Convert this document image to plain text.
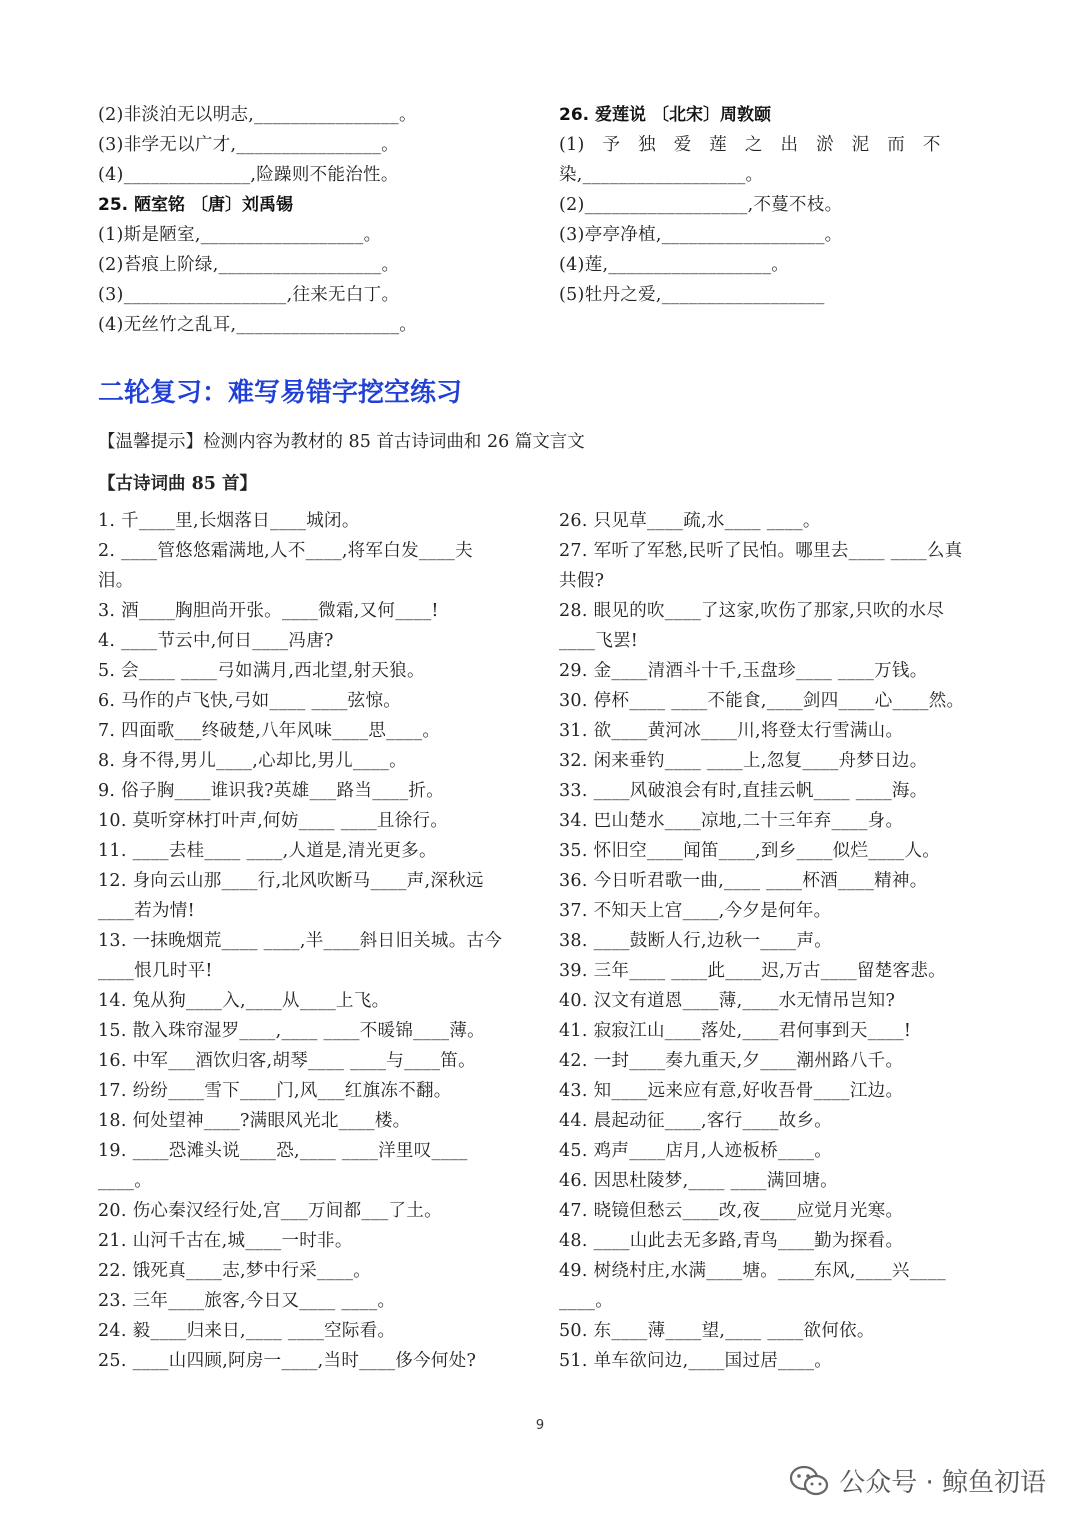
(2)非淡泊无以明志,________________。
(3)非学无以广才,________________。
(4)______________,险躁则不能治性。
25. 陋室铭 〔唐〕刘禹锡
(1)斯是陋室,__________________。
(2)苔痕上阶绿,__________________。
(3)__________________,往来无白丁。
(4)无丝竹之乱耳,__________________。
26. 爱莲说 〔北宋〕周敦颐
(1)　予　独　爱　莲　之　出　淤　泥　而　不
染,__________________。
(2)__________________,不蔓不枝。
(3)亭亭净植,__________________。
(4)莲,__________________。
(5)牡丹之爱,__________________
二轮复习：难写易错字挖空练习
【温馨提示】检测内容为教材的 85 首古诗词曲和 26 篇文言文
【古诗词曲 85 首】
1. 千____里,长烟落日____城闭。
2. ____管悠悠霜满地,人不____,将军白发____夫
泪。
3. 酒____胸胆尚开张。____微霜,又何____!
4. ____节云中,何日____冯唐?
5. 会____ ____弓如满月,西北望,射天狼。
6. 马作的卢飞快,弓如____ ____弦惊。
7. 四面歌___终破楚,八年风味____思____。
8. 身不得,男儿____,心却比,男儿____。
9. 俗子胸____谁识我?英雄___路当____折。
10. 莫听穿林打叶声,何妨____ ____且徐行。
11. ____去桂____ ____,人道是,清光更多。
12. 身向云山那____行,北风吹断马____声,深秋远
____若为情!
13. 一抹晚烟荒____ ____,半____斜日旧关城。古今
____恨几时平!
14. 兔从狗____入,____从____上飞。
15. 散入珠帘湿罗____,____ ____不暖锦____薄。
16. 中军___酒饮归客,胡琴____ ____与____笛。
17. 纷纷____雪下____门,风___红旗冻不翻。
18. 何处望神____?满眼风光北____楼。
19. ____恐滩头说____恐,____ ____洋里叹____
____。
20. 伤心秦汉经行处,宫___万间都___了土。
21. 山河千古在,城____一时非。
22. 饿死真____志,梦中行采____。
23. 三年____旅客,今日又____ ____。
24. 毅____归来日,____ ____空际看。
25. ____山四顾,阿房一____,当时____侈今何处?
26. 只见草____疏,水____ ____。
27. 军听了军愁,民听了民怕。哪里去____ ____么真
共假?
28. 眼见的吹____了这家,吹伤了那家,只吹的水尽
____飞罢!
29. 金____清酒斗十千,玉盘珍____ ____万钱。
30. 停杯____ ____不能食,____剑四____心____然。
31. 欲____黄河冰____川,将登太行雪满山。
32. 闲来垂钓____ ____上,忽复____舟梦日边。
33. ____风破浪会有时,直挂云帆____ ____海。
34. 巴山楚水____凉地,二十三年弃____身。
35. 怀旧空____闻笛____,到乡____似烂____人。
36. 今日听君歌一曲,____ ____杯酒____精神。
37. 不知天上宫____,今夕是何年。
38. ____鼓断人行,边秋一____声。
39. 三年____ ____此____迟,万古____留楚客悲。
40. 汉文有道恩____薄,____水无情吊岂知?
41. 寂寂江山____落处,____君何事到天____!
42. 一封____奏九重天,夕____潮州路八千。
43. 知____远来应有意,好收吾骨____江边。
44. 晨起动征____,客行____故乡。
45. 鸡声____店月,人迹板桥____。
46. 因思杜陵梦,____ ____满回塘。
47. 晓镜但愁云____改,夜____应觉月光寒。
48. ____山此去无多路,青鸟____勤为探看。
49. 树绕村庄,水满____塘。____东风,____兴____
____。
50. 东____薄____望,____ ____欲何依。
51. 单车欲问边,____国过居____。
9
公众号 · 鲸鱼初语
